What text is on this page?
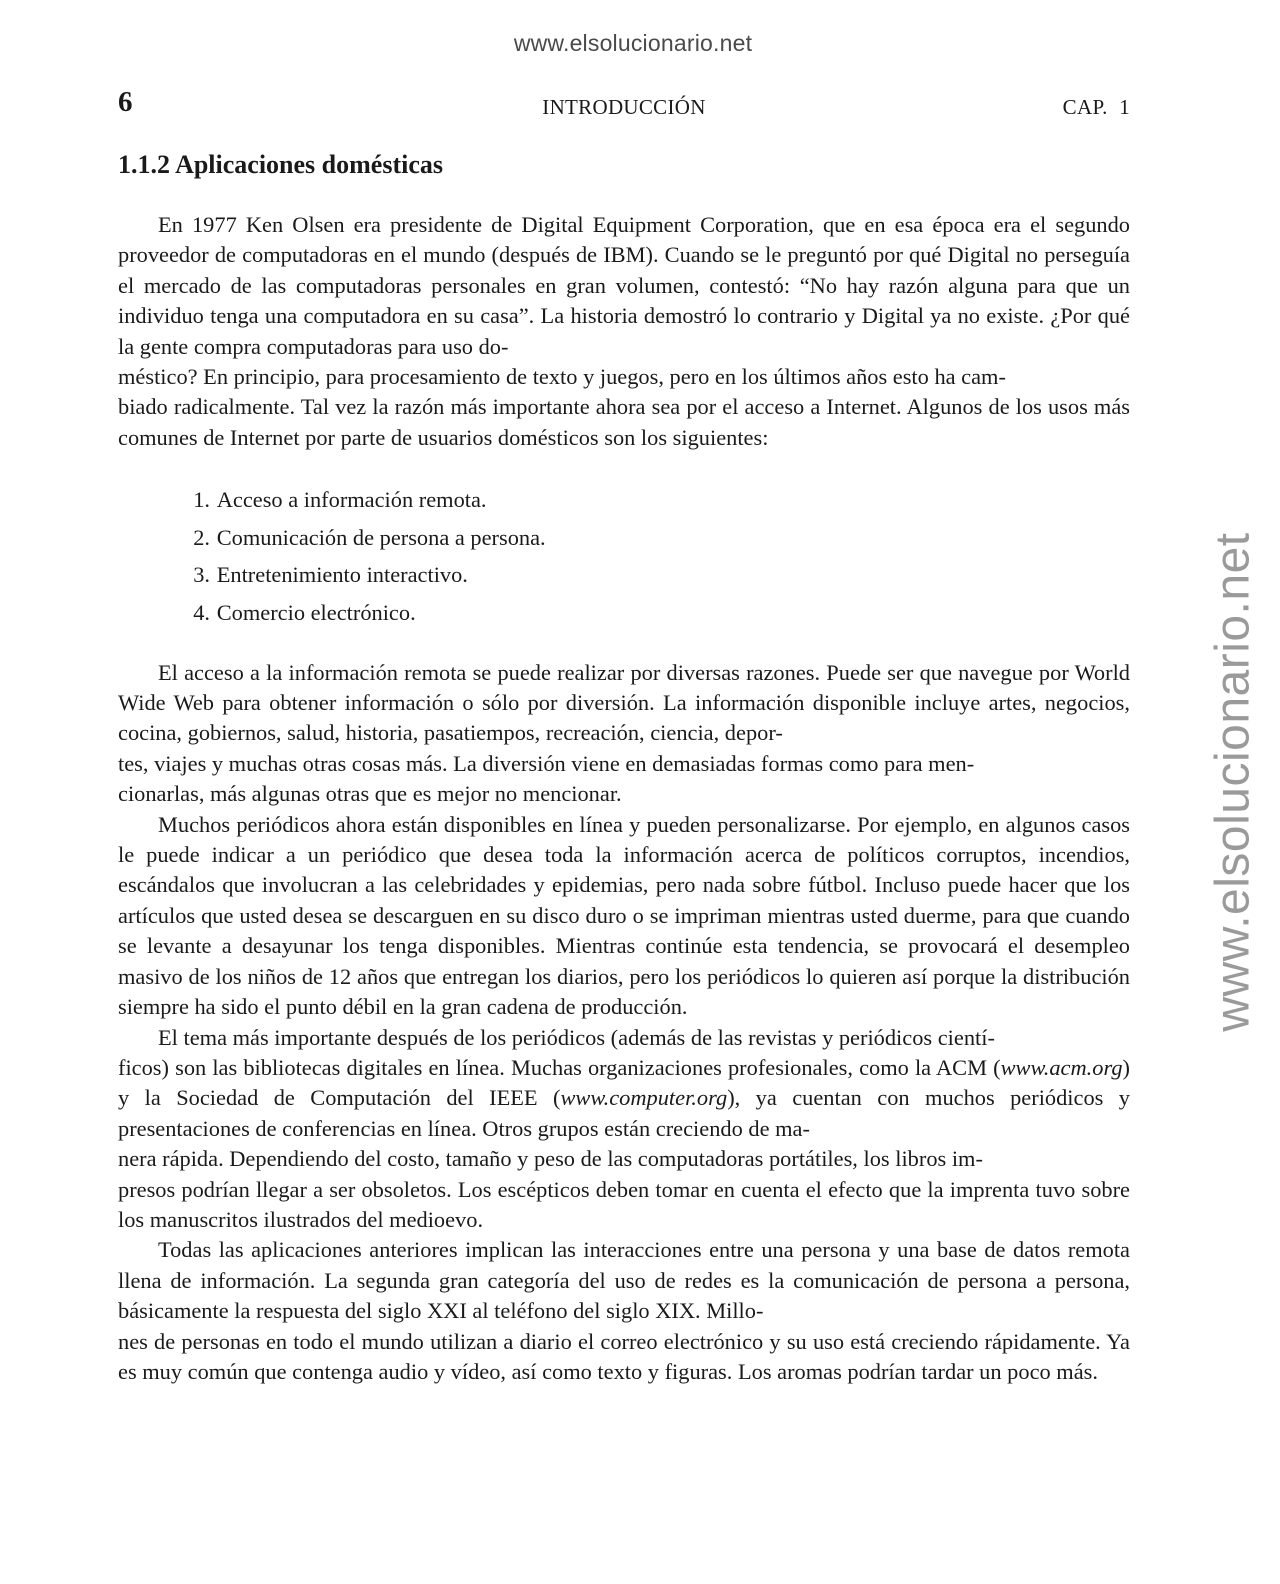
www.elsolucionario.net
www.elsolucionario.net
6	INTRODUCCIÓN	CAP. 1
1.1.2 Aplicaciones domésticas

En 1977 Ken Olsen era presidente de Digital Equipment Corporation, que en esa época era el segundo proveedor de computadoras en el mundo (después de IBM). Cuando se le preguntó por qué Digital no perseguía el mercado de las computadoras personales en gran volumen, contestó: “No hay razón alguna para que un individuo tenga una computadora en su casa”. La historia demostró lo contrario y Digital ya no existe. ¿Por qué la gente compra computadoras para uso do-
méstico? En principio, para procesamiento de texto y juegos, pero en los últimos años esto ha cam-
biado radicalmente. Tal vez la razón más importante ahora sea por el acceso a Internet. Algunos de los usos más comunes de Internet por parte de usuarios domésticos son los siguientes:

1. Acceso a información remota.
2. Comunicación de persona a persona.
3. Entretenimiento interactivo.
4. Comercio electrónico.

El acceso a la información remota se puede realizar por diversas razones. Puede ser que navegue por World Wide Web para obtener información o sólo por diversión. La información disponible incluye artes, negocios, cocina, gobiernos, salud, historia, pasatiempos, recreación, ciencia, depor-
tes, viajes y muchas otras cosas más. La diversión viene en demasiadas formas como para men-
cionarlas, más algunas otras que es mejor no mencionar.

Muchos periódicos ahora están disponibles en línea y pueden personalizarse. Por ejemplo, en algunos casos le puede indicar a un periódico que desea toda la información acerca de políticos corruptos, incendios, escándalos que involucran a las celebridades y epidemias, pero nada sobre fútbol. Incluso puede hacer que los artículos que usted desea se descarguen en su disco duro o se impriman mientras usted duerme, para que cuando se levante a desayunar los tenga disponibles. Mientras continúe esta tendencia, se provocará el desempleo masivo de los niños de 12 años que entregan los diarios, pero los periódicos lo quieren así porque la distribución siempre ha sido el punto débil en la gran cadena de producción.

El tema más importante después de los periódicos (además de las revistas y periódicos cientí-
ficos) son las bibliotecas digitales en línea. Muchas organizaciones profesionales, como la ACM (www.acm.org) y la Sociedad de Computación del IEEE (www.computer.org), ya cuentan con muchos periódicos y presentaciones de conferencias en línea. Otros grupos están creciendo de ma-
nera rápida. Dependiendo del costo, tamaño y peso de las computadoras portátiles, los libros im-
presos podrían llegar a ser obsoletos. Los escépticos deben tomar en cuenta el efecto que la imprenta tuvo sobre los manuscritos ilustrados del medioevo.

Todas las aplicaciones anteriores implican las interacciones entre una persona y una base de datos remota llena de información. La segunda gran categoría del uso de redes es la comunicación de persona a persona, básicamente la respuesta del siglo XXI al teléfono del siglo XIX. Millo-
nes de personas en todo el mundo utilizan a diario el correo electrónico y su uso está creciendo rápidamente. Ya es muy común que contenga audio y vídeo, así como texto y figuras. Los aromas podrían tardar un poco más.
